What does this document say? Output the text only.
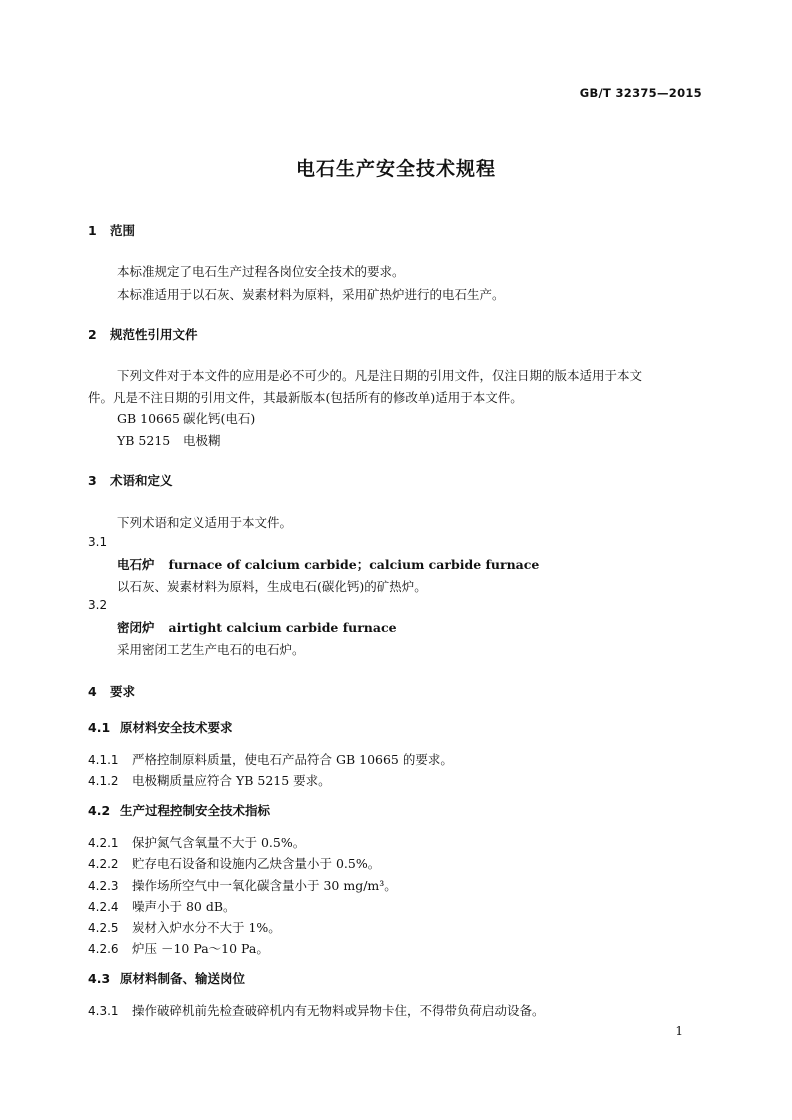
GB/T 32375—2015
电石生产安全技术规程
1 范围
本标准规定了电石生产过程各岗位安全技术的要求。
本标准适用于以石灰、炭素材料为原料，采用矿热炉进行的电石生产。
2 规范性引用文件
下列文件对于本文件的应用是必不可少的。凡是注日期的引用文件，仅注日期的版本适用于本文
件。凡是不注日期的引用文件，其最新版本(包括所有的修改单)适用于本文件。
GB 10665 碳化钙(电石)
YB 5215 电极糊
3 术语和定义
下列术语和定义适用于本文件。
3.1
电石炉 furnace of calcium carbide；calcium carbide furnace
以石灰、炭素材料为原料，生成电石(碳化钙)的矿热炉。
3.2
密闭炉 airtight calcium carbide furnace
采用密闭工艺生产电石的电石炉。
4 要求
4.1 原材料安全技术要求
4.1.1 严格控制原料质量，使电石产品符合 GB 10665 的要求。
4.1.2 电极糊质量应符合 YB 5215 要求。
4.2 生产过程控制安全技术指标
4.2.1 保护氮气含氧量不大于 0.5%。
4.2.2 贮存电石设备和设施内乙炔含量小于 0.5%。
4.2.3 操作场所空气中一氧化碳含量小于 30 mg/m³。
4.2.4 噪声小于 80 dB。
4.2.5 炭材入炉水分不大于 1%。
4.2.6 炉压 －10 Pa～10 Pa。
4.3 原材料制备、输送岗位
4.3.1 操作破碎机前先检查破碎机内有无物料或异物卡住，不得带负荷启动设备。
1
